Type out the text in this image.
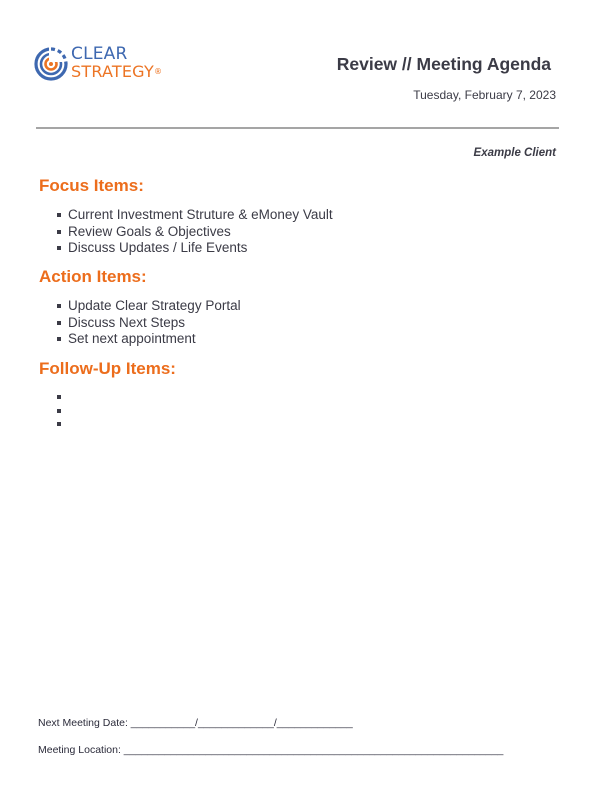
CLEAR
STRATEGY®	Review // Meeting Agenda
Tuesday, February 7, 2023
Example Client
Focus Items:
Current Investment Struture & eMoney Vault
Review Goals & Objectives
Discuss Updates / Life Events
Action Items:
Update Clear Strategy Portal
Discuss Next Steps
Set next appointment
Follow-Up Items:
Next Meeting Date: ___________/_____________/_____________
Meeting Location: _________________________________________________________________
